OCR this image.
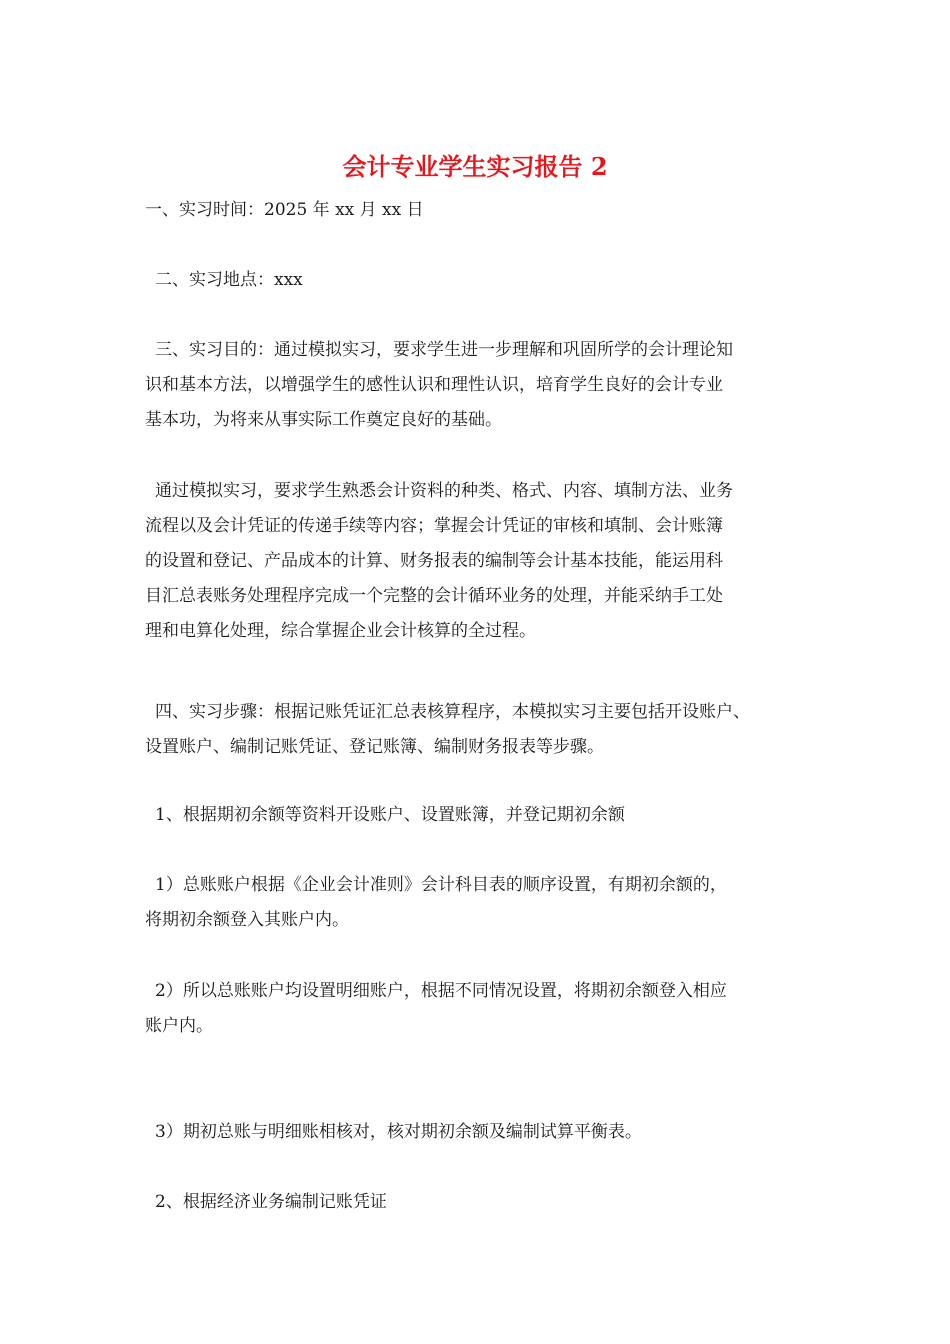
会计专业学生实习报告 2
一、实习时间：2025 年 xx 月 xx 日
二、实习地点：xxx
三、实习目的：通过模拟实习，要求学生进一步理解和巩固所学的会计理论知
识和基本方法，以增强学生的感性认识和理性认识，培育学生良好的会计专业
基本功，为将来从事实际工作奠定良好的基础。
通过模拟实习，要求学生熟悉会计资料的种类、格式、内容、填制方法、业务
流程以及会计凭证的传递手续等内容；掌握会计凭证的审核和填制、会计账簿
的设置和登记、产品成本的计算、财务报表的编制等会计基本技能，能运用科
目汇总表账务处理程序完成一个完整的会计循环业务的处理，并能采纳手工处
理和电算化处理，综合掌握企业会计核算的全过程。
四、实习步骤：根据记账凭证汇总表核算程序，本模拟实习主要包括开设账户、
设置账户、编制记账凭证、登记账簿、编制财务报表等步骤。
1、根据期初余额等资料开设账户、设置账簿，并登记期初余额
1）总账账户根据《企业会计准则》会计科目表的顺序设置，有期初余额的，
将期初余额登入其账户内。
2）所以总账账户均设置明细账户，根据不同情况设置，将期初余额登入相应
账户内。
3）期初总账与明细账相核对，核对期初余额及编制试算平衡表。
2、根据经济业务编制记账凭证
